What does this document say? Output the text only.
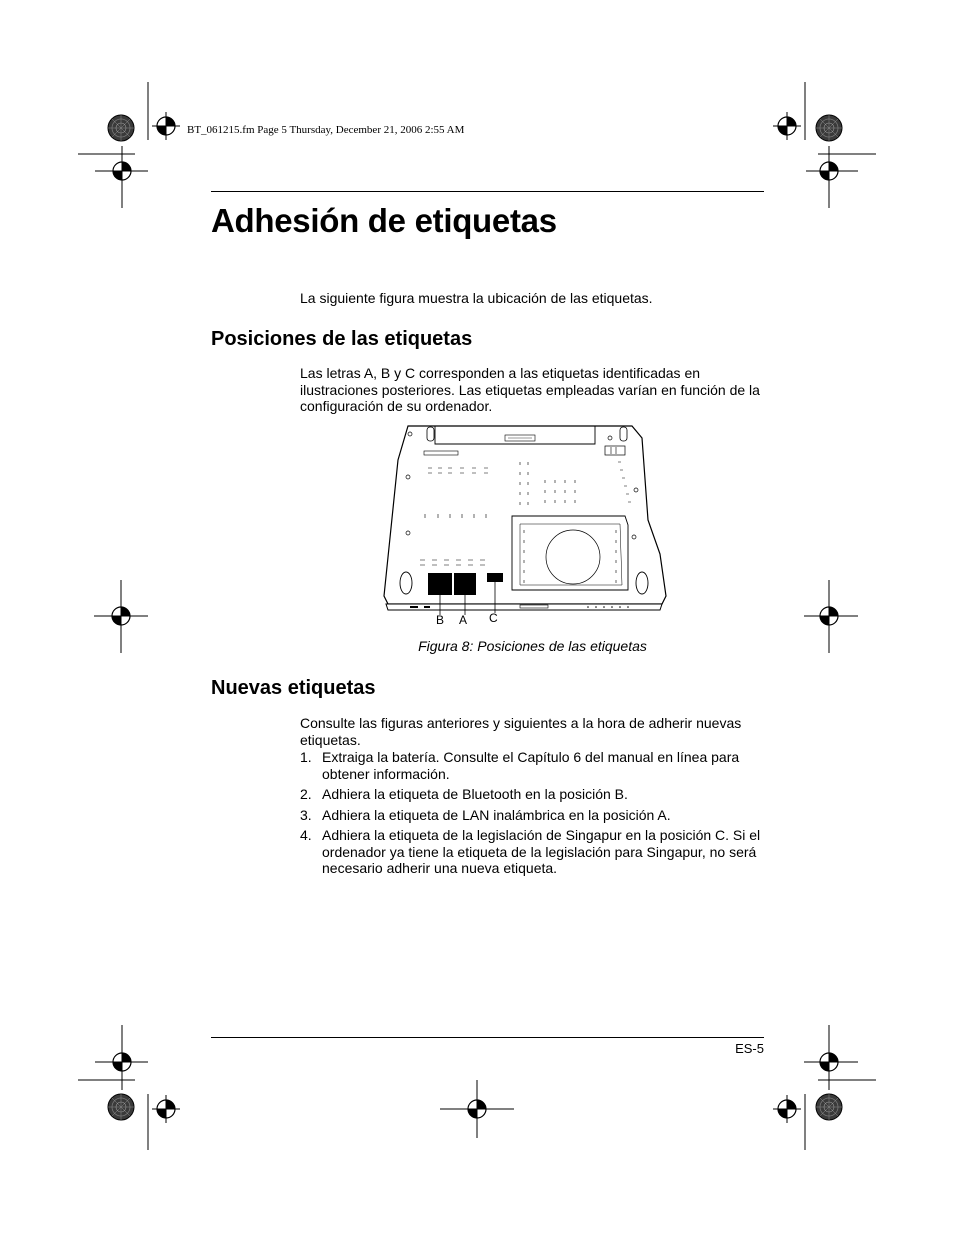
BT_061215.fm Page 5 Thursday, December 21, 2006 2:55 AM
Adhesión de etiquetas

La siguiente figura muestra la ubicación de las etiquetas.

Posiciones de las etiquetas

Las letras A, B y C corresponden a las etiquetas identificadas en ilustraciones posteriores. Las etiquetas empleadas varían en función de la configuración de su ordenador.

B A C
Figura 8: Posiciones de las etiquetas
Nuevas etiquetas

Consulte las figuras anteriores y siguientes a la hora de adherir nuevas etiquetas.

1. Extraiga la batería. Consulte el Capítulo 6 del manual en línea para obtener información.
2. Adhiera la etiqueta de Bluetooth en la posición B.
3. Adhiera la etiqueta de LAN inalámbrica en la posición A.
4. Adhiera la etiqueta de la legislación de Singapur en la posición C. Si el ordenador ya tiene la etiqueta de la legislación para Singapur, no será necesario adherir una nueva etiqueta.
ES-5
